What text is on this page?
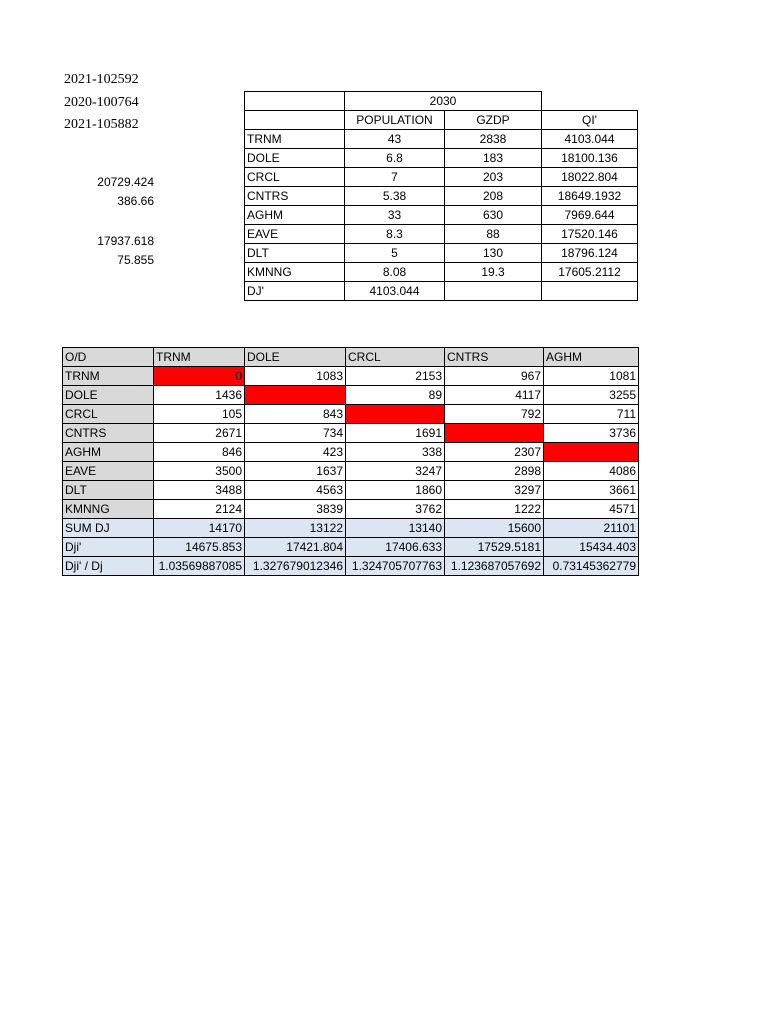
2021-102592
2020-100764
2021-105882
20729.424
386.66
17937.618
75.855
	2030		
	POPULATION	GZDP	QI'
TRNM	43	2838	4103.044
DOLE	6.8	183	18100.136
CRCL	7	203	18022.804
CNTRS	5.38	208	18649.1932
AGHM	33	630	7969.644
EAVE	8.3	88	17520.146
DLT	5	130	18796.124
KMNNG	8.08	19.3	17605.2112
DJ'	4103.044		
O/D	TRNM	DOLE	CRCL	CNTRS	AGHM
TRNM	0	1083	2153	967	1081
DOLE	1436		89	4117	3255
CRCL	105	843		792	711
CNTRS	2671	734	1691		3736
AGHM	846	423	338	2307	
EAVE	3500	1637	3247	2898	4086
DLT	3488	4563	1860	3297	3661
KMNNG	2124	3839	3762	1222	4571
SUM DJ	14170	13122	13140	15600	21101
Dji'	14675.853	17421.804	17406.633	17529.5181	15434.403
Dji' / Dj	1.03569887085	1.327679012346	1.324705707763	1.123687057692	0.73145362779
